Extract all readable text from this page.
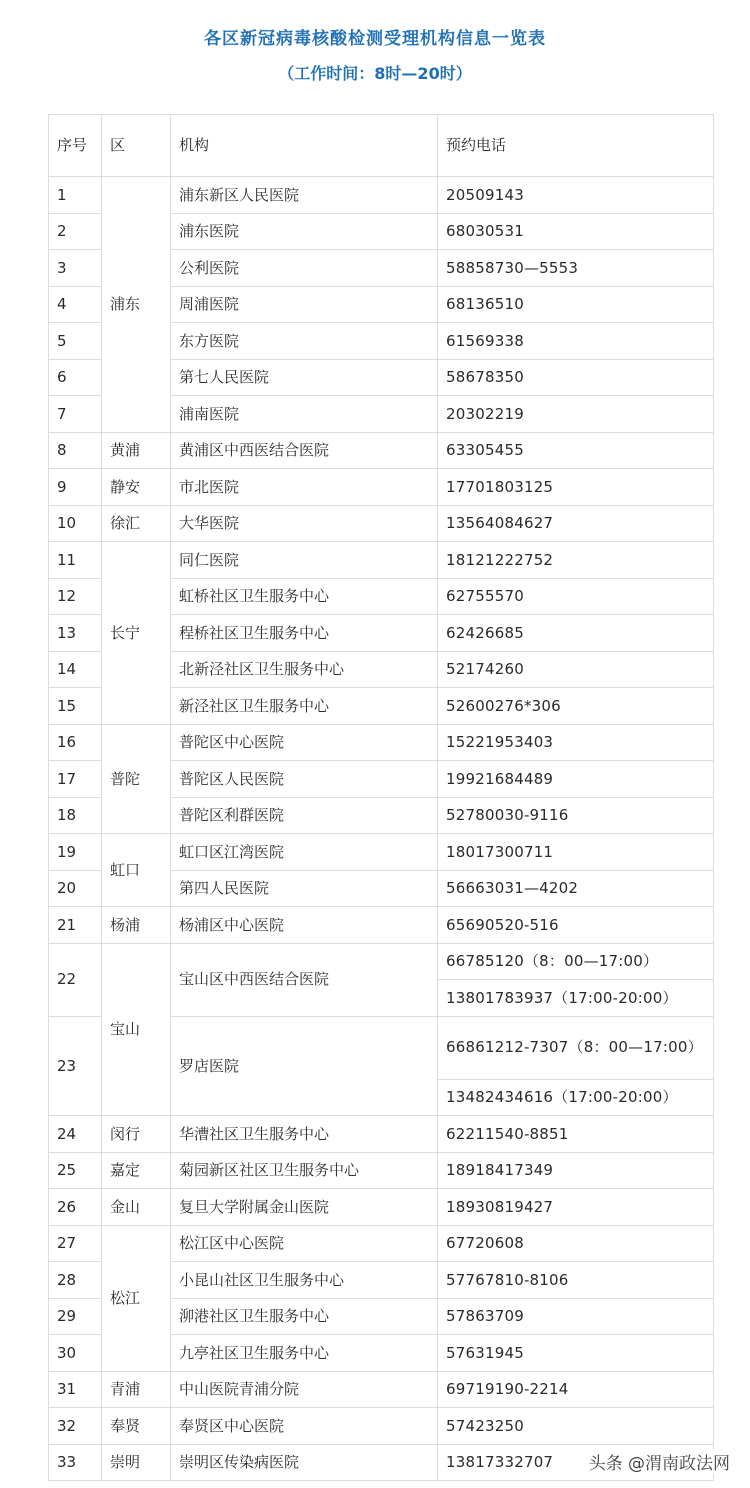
各区新冠病毒核酸检测受理机构信息一览表
（工作时间：8时—20时）
序号	区	机构	预约电话
1	浦东	浦东新区人民医院	20509143
2		浦东医院	68030531
3		公利医院	58858730—5553
4		周浦医院	68136510
5		东方医院	61569338
6		第七人民医院	58678350
7		浦南医院	20302219
8	黄浦	黄浦区中西医结合医院	63305455
9	静安	市北医院	17701803125
10	徐汇	大华医院	13564084627
11	长宁	同仁医院	18121222752
12		虹桥社区卫生服务中心	62755570
13		程桥社区卫生服务中心	62426685
14		北新泾社区卫生服务中心	52174260
15		新泾社区卫生服务中心	52600276*306
16	普陀	普陀区中心医院	15221953403
17		普陀区人民医院	19921684489
18		普陀区利群医院	52780030-9116
19	虹口	虹口区江湾医院	18017300711
20		第四人民医院	56663031—4202
21	杨浦	杨浦区中心医院	65690520-516
22	宝山	宝山区中西医结合医院	66785120（8：00—17:00）
			13801783937（17:00-20:00）
23		罗店医院	66861212-7307（8：00—17:00）

			13482434616（17:00-20:00）
24	闵行	华漕社区卫生服务中心	62211540-8851
25	嘉定	菊园新区社区卫生服务中心	18918417349
26	金山	复旦大学附属金山医院	18930819427
27	松江	松江区中心医院	67720608
28		小昆山社区卫生服务中心	57767810-8106
29		泖港社区卫生服务中心	57863709
30		九亭社区卫生服务中心	57631945
31	青浦	中山医院青浦分院	69719190-2214
32	奉贤	奉贤区中心医院	57423250
33	崇明	崇明区传染病医院	13817332707 头条 @渭南政法网
